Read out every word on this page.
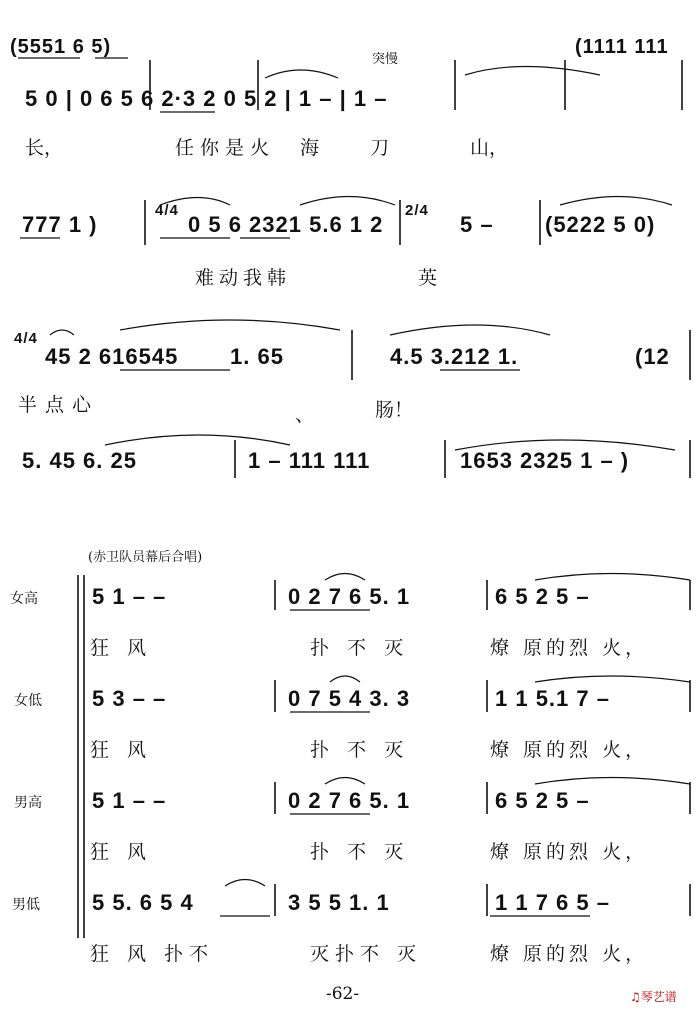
(5551 6 5)	(1111 111
突慢
5 0 | 0 6 5 6 2·3 2 0 5 2 | 1 – | 1 –
长，	任你是火 海	刀	山，
777 1 )
4/4
0 5 6 2321 5.6 1 2
2/4
5 – (5222 5 0)
难动我韩	英
4/4
45 2 616545 1. 65	4.5 3.212 1.	(12
半点心	、	肠！
5. 45 6. 25	1 – 111 111	1653 2325 1 – )
(赤卫队员幕后合唱)
女高 5 1 – –	0 2 7 6 5. 1	6 5 2 5 –
狂 风	扑 不 灭	燎 原的烈 火，
女低 5 3 – –	0 7 5 4 3. 3	1 1 5.1 7 –
狂 风	扑 不 灭	燎 原的烈 火，
男高 5 1 – –	0 2 7 6 5. 1	6 5 2 5 –
狂 风	扑 不 灭	燎 原的烈 火，
男低 5 5. 6 5 4	3 5 5 1. 1	1 1 7 6 5 –
狂 风 扑不	灭扑不 灭	燎 原的烈 火，
-62-	♫琴艺谱
